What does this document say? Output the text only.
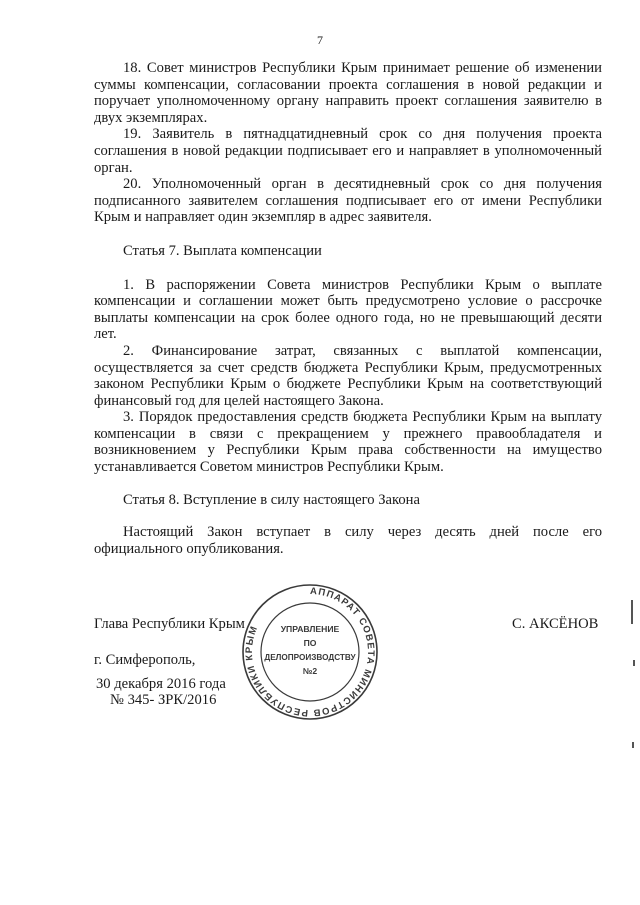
7

18. Совет министров Республики Крым принимает решение об изменении суммы компенсации, согласовании проекта соглашения в новой редакции и поручает уполномоченному органу направить проект соглашения заявителю в двух экземплярах.

19. Заявитель в пятнадцатидневный срок со дня получения проекта соглашения в новой редакции подписывает его и направляет в уполномоченный орган.

20. Уполномоченный орган в десятидневный срок со дня получения подписанного заявителем соглашения подписывает его от имени Республики Крым и направляет один экземпляр в адрес заявителя.

Статья 7. Выплата компенсации

1. В распоряжении Совета министров Республики Крым о выплате компенсации и соглашении может быть предусмотрено условие о рассрочке выплаты компенсации на срок более одного года, но не превышающий десяти лет.

2. Финансирование затрат, связанных с выплатой компенсации, осуществляется за счет средств бюджета Республики Крым, предусмотренных законом Республики Крым о бюджете Республики Крым на соответствующий финансовый год для целей настоящего Закона.

3. Порядок предоставления средств бюджета Республики Крым на выплату компенсации в связи с прекращением у прежнего правообладателя и возникновением у Республики Крым права собственности на имущество устанавливается Советом министров Республики Крым.

Статья 8. Вступление в силу настоящего Закона

Настоящий Закон вступает в силу через десять дней после его официального опубликования.

Глава Республики Крым	С. АКСЁНОВ
г. Симферополь,
30 декабря 2016 года
№ 345- ЗРК/2016
АППАРАТ СОВЕТА МИНИСТРОВ РЕСПУБЛИКИ КРЫМ	УПРАВЛЕНИЕ
ПО
ДЕЛОПРОИЗВОДСТВУ
№2
